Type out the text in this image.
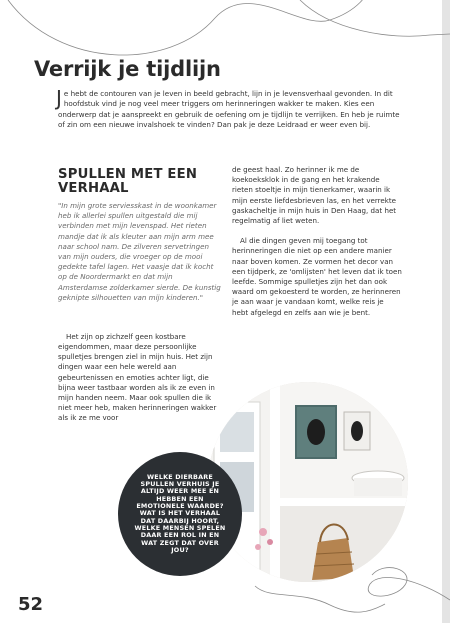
Verrijk je tijdlijn
Je hebt de contouren van je leven in beeld gebracht, lijn in je levensverhaal gevonden. In dit hoofdstuk vind je nog veel meer triggers om herinneringen wakker te maken. Kies een onderwerp dat je aanspreekt en gebruik de oefening om je tijdlijn te verrijken. En heb je ruimte of zin om een nieuwe invalshoek te vinden? Dan pak je deze Leidraad er weer even bij.
SPULLEN MET EEN VERHAAL
"In mijn grote serviesskast in de woonkamer heb ik allerlei spullen uitgestald die mij verbinden met mijn levenspad. Het rieten mandje dat ik als kleuter aan mijn arm mee naar school nam. De zilveren servetringen van mijn ouders, die vroeger op de mooi gedekte tafel lagen. Het vaasje dat ik kocht op de Noordermarkt en dat mijn Amsterdamse zolderkamer sierde. De kunstig geknipte silhouetten van mijn kinderen."

Het zijn op zichzelf geen kostbare eigendommen, maar deze persoonlijke spulletjes brengen ziel in mijn huis. Het zijn dingen waar een hele wereld aan gebeurtenissen en emoties achter ligt, die bijna weer tastbaar worden als ik ze even in mijn handen neem. Maar ook spullen die ik niet meer heb, maken herinneringen wakker als ik ze me voor

de geest haal. Zo herinner ik me de koekoeksklok in de gang en het krakende rieten stoeltje in mijn tienerkamer, waarin ik mijn eerste liefdesbrieven las, en het verrekte gaskacheltje in mijn huis in Den Haag, dat het regelmatig af liet weten.

Al die dingen geven mij toegang tot herinneringen die niet op een andere manier naar boven komen. Ze vormen het decor van een tijdperk, ze 'omlijsten' het leven dat ik toen leefde. Sommige spulletjes zijn het dan ook waard om gekoesterd te worden, ze herinneren je aan waar je vandaan komt, welke reis je hebt afgelegd en zelfs aan wie je bent.

WELKE DIERBARE SPULLEN VERHUIS JE ALTIJD WEER MEE EN HEBBEN EEN EMOTIONELE WAARDE? WAT IS HET VERHAAL DAT DAARBIJ HOORT, WELKE MENSEN SPELEN DAAR EEN ROL IN EN WAT ZEGT DAT OVER JOU?
52
